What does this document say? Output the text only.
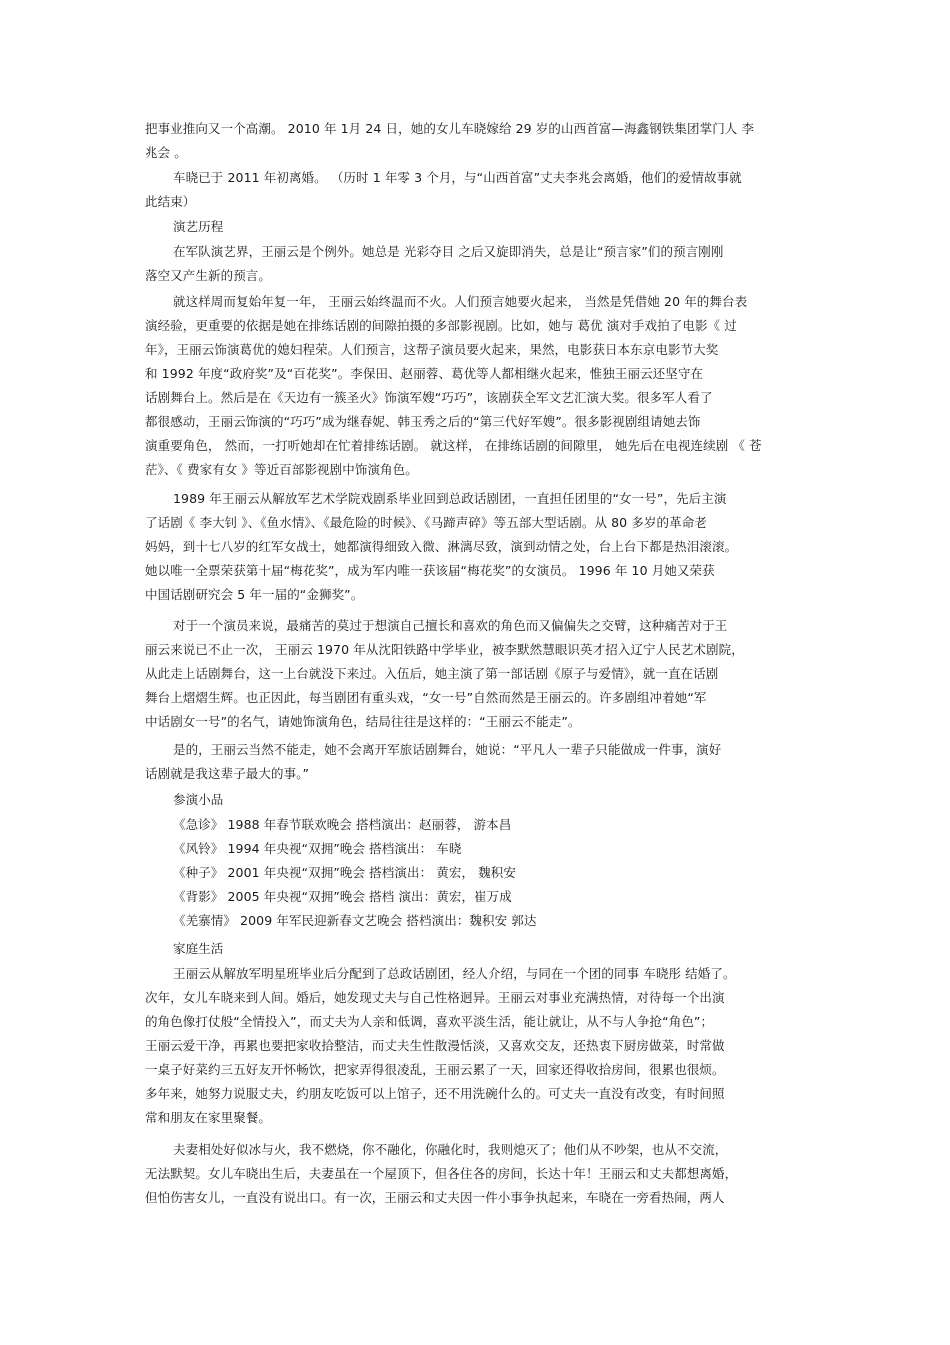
把事业推向又一个高潮。 2010 年 1月 24 日，她的女儿车晓嫁给 29 岁的山西首富—海鑫钢铁集团掌门人 李
兆会 。
车晓已于 2011 年初离婚。 （历时 1 年零 3 个月，与“山西首富”丈夫李兆会离婚，他们的爱情故事就
此结束）
演艺历程
在军队演艺界，王丽云是个例外。她总是 光彩夺目 之后又旋即消失，总是让“预言家”们的预言刚刚
落空又产生新的预言。
就这样周而复始年复一年， 王丽云始终温而不火。人们预言她要火起来， 当然是凭借她 20 年的舞台表
演经验，更重要的依据是她在排练话剧的间隙拍摄的多部影视剧。比如，她与 葛优 演对手戏拍了电影《 过
年》，王丽云饰演葛优的媳妇程荣。人们预言，这帮子演员要火起来，果然，电影获日本东京电影节大奖
和 1992 年度“政府奖”及“百花奖”。李保田、赵丽蓉、葛优等人都相继火起来，惟独王丽云还坚守在
话剧舞台上。然后是在《天边有一簇圣火》饰演军嫂“巧巧”，该剧获全军文艺汇演大奖。很多军人看了
都很感动，王丽云饰演的“巧巧”成为继春妮、韩玉秀之后的“第三代好军嫂”。很多影视剧组请她去饰
演重要角色， 然而，一打听她却在忙着排练话剧。 就这样， 在排练话剧的间隙里， 她先后在电视连续剧 《 苍
茫》、《 费家有女 》等近百部影视剧中饰演角色。
1989 年王丽云从解放军艺术学院戏剧系毕业回到总政话剧团，一直担任团里的“女一号”，先后主演
了话剧《 李大钊 》、《鱼水情》、《最危险的时候》、《马蹄声碎》等五部大型话剧。从 80 多岁的革命老
妈妈，到十七八岁的红军女战士，她都演得细致入微、淋漓尽致，演到动情之处，台上台下都是热泪滚滚。
她以唯一全票荣获第十届“梅花奖”，成为军内唯一获该届“梅花奖”的女演员。 1996 年 10 月她又荣获
中国话剧研究会 5 年一届的“金狮奖”。
对于一个演员来说，最痛苦的莫过于想演自己擅长和喜欢的角色而又偏偏失之交臂，这种痛苦对于王
丽云来说已不止一次， 王丽云 1970 年从沈阳铁路中学毕业，被李默然慧眼识英才招入辽宁人民艺术剧院，
从此走上话剧舞台，这一上台就没下来过。入伍后，她主演了第一部话剧《原子与爱情》，就一直在话剧
舞台上熠熠生辉。也正因此，每当剧团有重头戏，“女一号”自然而然是王丽云的。许多剧组冲着她“军
中话剧女一号”的名气，请她饰演角色，结局往往是这样的：“王丽云不能走”。
是的，王丽云当然不能走，她不会离开军旅话剧舞台，她说：“平凡人一辈子只能做成一件事，演好
话剧就是我这辈子最大的事。”
参演小品
《急诊》 1988 年春节联欢晚会 搭档演出：赵丽蓉， 游本昌
《风铃》 1994 年央视“双拥”晚会 搭档演出： 车晓
《种子》 2001 年央视“双拥”晚会 搭档演出： 黄宏， 魏积安
《背影》 2005 年央视“双拥”晚会 搭档 演出：黄宏，崔万成
《羌寨情》 2009 年军民迎新春文艺晚会 搭档演出：魏积安 郭达
家庭生活
王丽云从解放军明星班毕业后分配到了总政话剧团，经人介绍，与同在一个团的同事 车晓彤 结婚了。
次年，女儿车晓来到人间。婚后，她发现丈夫与自己性格迥异。王丽云对事业充满热情，对待每一个出演
的角色像打仗般“全情投入”，而丈夫为人亲和低调，喜欢平淡生活，能让就让，从不与人争抢“角色”；
王丽云爱干净，再累也要把家收拾整洁，而丈夫生性散漫恬淡，又喜欢交友，还热衷下厨房做菜，时常做
一桌子好菜约三五好友开怀畅饮，把家弄得很凌乱，王丽云累了一天，回家还得收拾房间，很累也很烦。
多年来，她努力说服丈夫，约朋友吃饭可以上馆子，还不用洗碗什么的。可丈夫一直没有改变，有时间照
常和朋友在家里聚餐。
夫妻相处好似冰与火，我不燃烧，你不融化，你融化时，我则熄灭了；他们从不吵架，也从不交流，
无法默契。女儿车晓出生后，夫妻虽在一个屋顶下，但各住各的房间，长达十年！王丽云和丈夫都想离婚，
但怕伤害女儿，一直没有说出口。有一次，王丽云和丈夫因一件小事争执起来，车晓在一旁看热闹，两人
